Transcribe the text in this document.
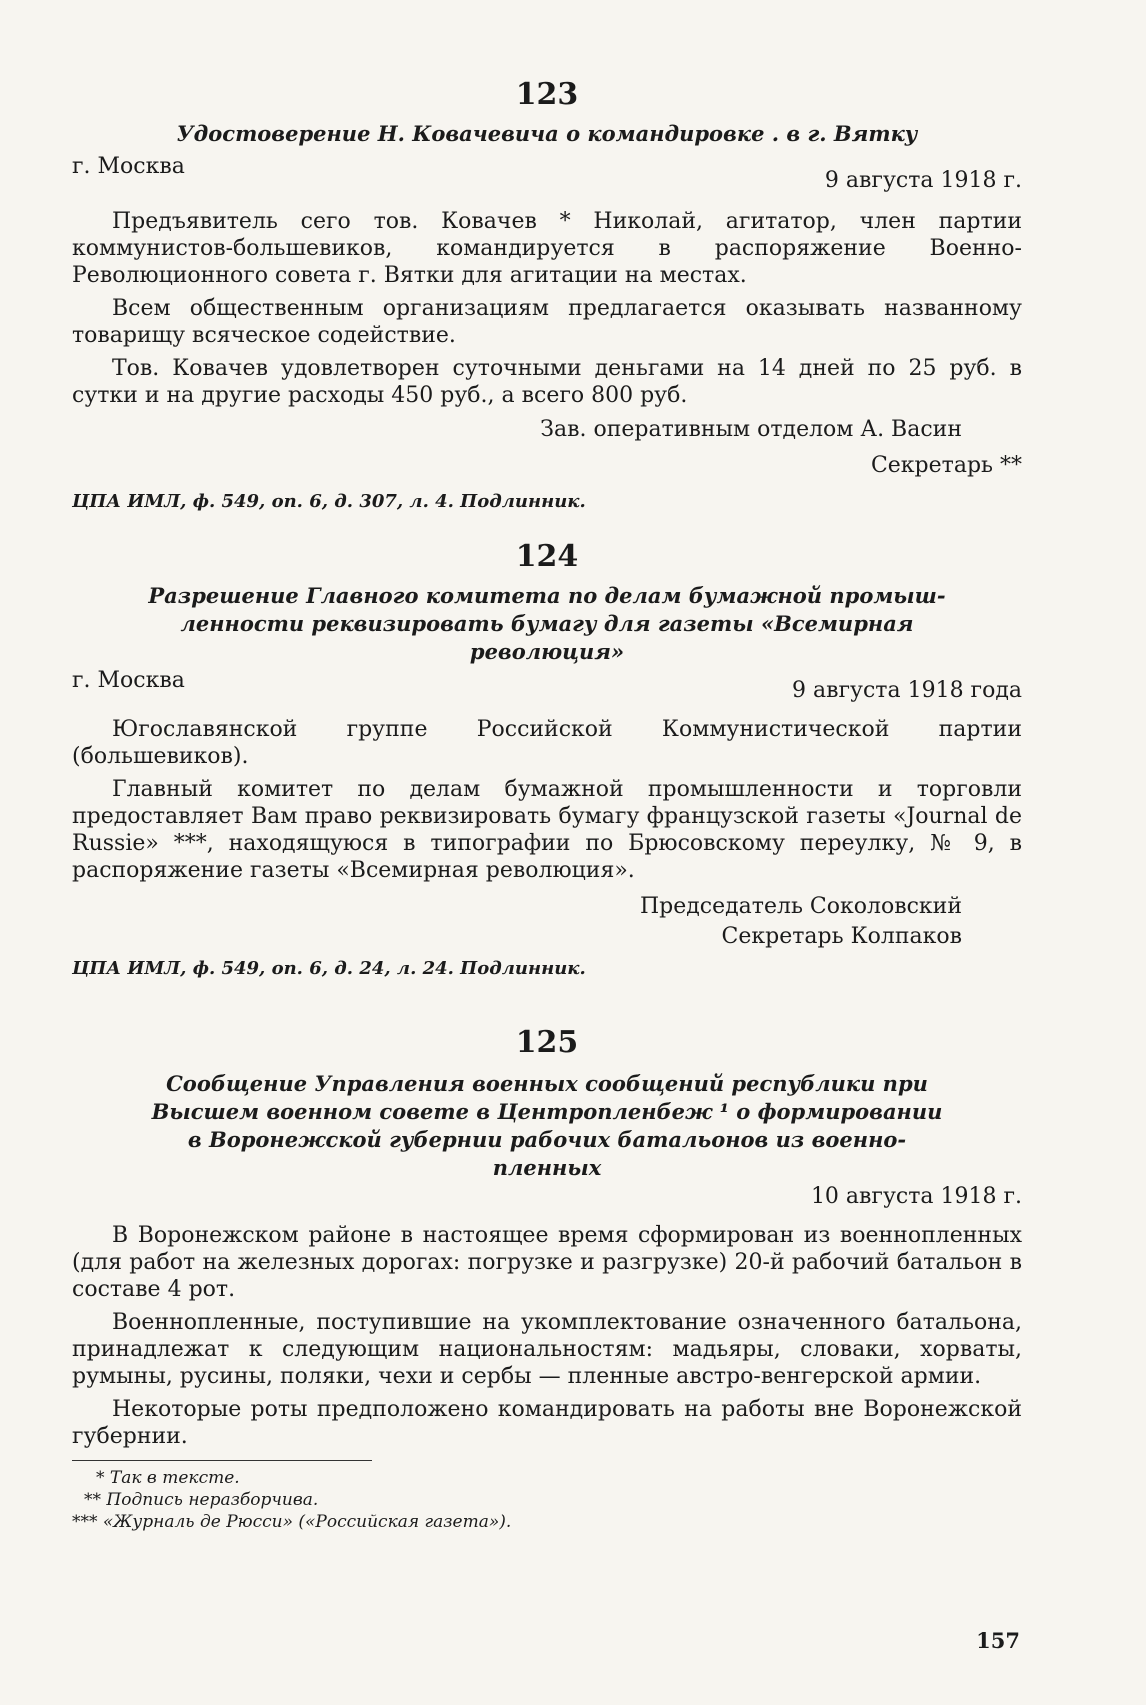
123

Удостоверение Н. Ковачевича о командировке . в г. Вятку

г. Москва
9 августа 1918 г.

Предъявитель сего тов. Ковачев * Николай, агитатор, член партии коммунистов-большевиков, командируется в распоряжение Военно-Революционного совета г. Вятки для агитации на местах.

Всем общественным организациям предлагается оказывать названному товарищу всяческое содействие.

Тов. Ковачев удовлетворен суточными деньгами на 14 дней по 25 руб. в сутки и на другие расходы 450 руб., а всего 800 руб.

Зав. оперативным отделом А. Васин

Секретарь **

ЦПА ИМЛ, ф. 549, оп. 6, д. 307, л. 4. Подлинник.

124

Разрешение Главного комитета по делам бумажной промыш-

ленности реквизировать бумагу для газеты «Всемирная

революция»

г. Москва	9 августа 1918 года

Югославянской группе Российской Коммунистической партии (большевиков).

Главный комитет по делам бумажной промышленности и торговли предоставляет Вам право реквизировать бумагу французской газеты «Journal de Russie» ***, находящуюся в типографии по Брюсовскому переулку, № 9, в распоряжение газеты «Всемирная революция».

Председатель Соколовский

Секретарь Колпаков

ЦПА ИМЛ, ф. 549, оп. 6, д. 24, л. 24. Подлинник.

125

Сообщение Управления военных сообщений республики при

Высшем военном совете в Центропленбеж ¹ о формировании

в Воронежской губернии рабочих батальонов из военно-

пленных

10 августа 1918 г.

В Воронежском районе в настоящее время сформирован из военнопленных (для работ на железных дорогах: погрузке и разгрузке) 20-й рабочий батальон в составе 4 рот.

Военнопленные, поступившие на укомплектование означенного батальона, принадлежат к следующим национальностям: мадьяры, словаки, хорваты, румыны, русины, поляки, чехи и сербы — пленные австро-венгерской армии.

Некоторые роты предположено командировать на работы вне Воронежской губернии.

* Так в тексте.

** Подпись неразборчива.

*** «Журналь де Рюсси» («Российская газета»).

157
